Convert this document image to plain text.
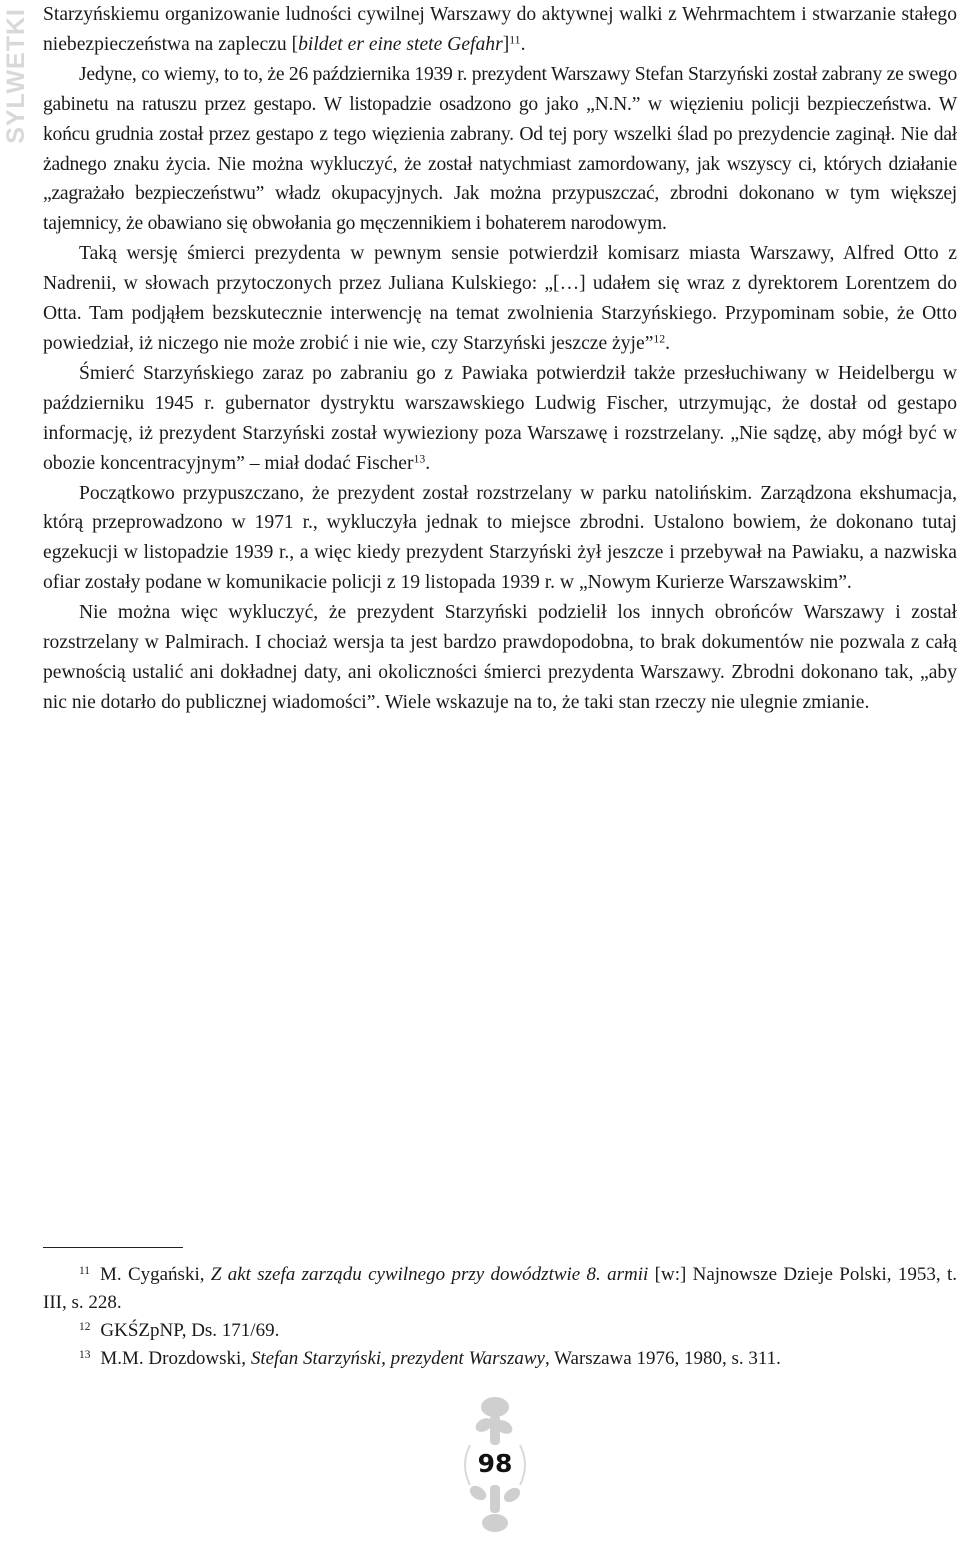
SYLWETKI Starzyńskiemu organizowanie ludności cywilnej Warszawy do aktywnej walki z Wehrmachtem i stwarzanie stałego niebezpieczeństwa na zapleczu [bildet er eine stete Gefahr]$^{11}$.

Jedyne, co wiemy, to to, że 26 października 1939 r. prezydent Warszawy Stefan Starzyński został zabrany ze swego gabinetu na ratuszu przez gestapo. W listopadzie osadzono go jako „N.N.” w więzieniu policji bezpieczeństwa. W końcu grudnia został przez gestapo z tego więzienia zabrany. Od tej pory wszelki ślad po prezydencie zaginął. Nie dał żadnego znaku życia. Nie można wykluczyć, że został natychmiast zamordowany, jak wszyscy ci, których działanie „zagrażało bezpieczeństwu” władz okupacyjnych. Jak można przypuszczać, zbrodni dokonano w tym większej tajemnicy, że obawiano się obwołania go męczennikiem i bohaterem narodowym.

Taką wersję śmierci prezydenta w pewnym sensie potwierdził komisarz miasta Warszawy, Alfred Otto z Nadrenii, w słowach przytoczonych przez Juliana Kulskiego: „[…] udałem się wraz z dyrektorem Lorentzem do Otta. Tam podjąłem bezskutecznie interwencję na temat zwolnienia Starzyńskiego. Przypominam sobie, że Otto powiedział, iż niczego nie może zrobić i nie wie, czy Starzyński jeszcze żyje”$^{12}$.

Śmierć Starzyńskiego zaraz po zabraniu go z Pawiaka potwierdził także przesłuchiwany w Heidelbergu w październiku 1945 r. gubernator dystryktu warszawskiego Ludwig Fischer, utrzymując, że dostał od gestapo informację, iż prezydent Starzyński został wywieziony poza Warszawę i rozstrzelany. „Nie sądzę, aby mógł być w obozie koncentracyjnym” – miał dodać Fischer$^{13}$.

Początkowo przypuszczano, że prezydent został rozstrzelany w parku natolińskim. Zarządzona ekshumacja, którą przeprowadzono w 1971 r., wykluczyła jednak to miejsce zbrodni. Ustalono bowiem, że dokonano tutaj egzekucji w listopadzie 1939 r., a więc kiedy prezydent Starzyński żył jeszcze i przebywał na Pawiaku, a nazwiska ofiar zostały podane w komunikacie policji z 19 listopada 1939 r. w „Nowym Kurierze Warszawskim”.

Nie można więc wykluczyć, że prezydent Starzyński podzielił los innych obrońców Warszawy i został rozstrzelany w Palmirach. I chociaż wersja ta jest bardzo prawdopodobna, to brak dokumentów nie pozwala z całą pewnością ustalić ani dokładnej daty, ani okoliczności śmierci prezydenta Warszawy. Zbrodni dokonano tak, „aby nic nie dotarło do publicznej wiadomości”. Wiele wskazuje na to, że taki stan rzeczy nie ulegnie zmianie.

$^{11}$ M. Cygański, Z akt szefa zarządu cywilnego przy dowództwie 8. armii [w:] Najnowsze Dzieje Polski, 1953, t. III, s. 228.

$^{12}$ GKŚZpNP, Ds. 171/69.

$^{13}$ M.M. Drozdowski, Stefan Starzyński, prezydent Warszawy, Warszawa 1976, 1980, s. 311.

98
